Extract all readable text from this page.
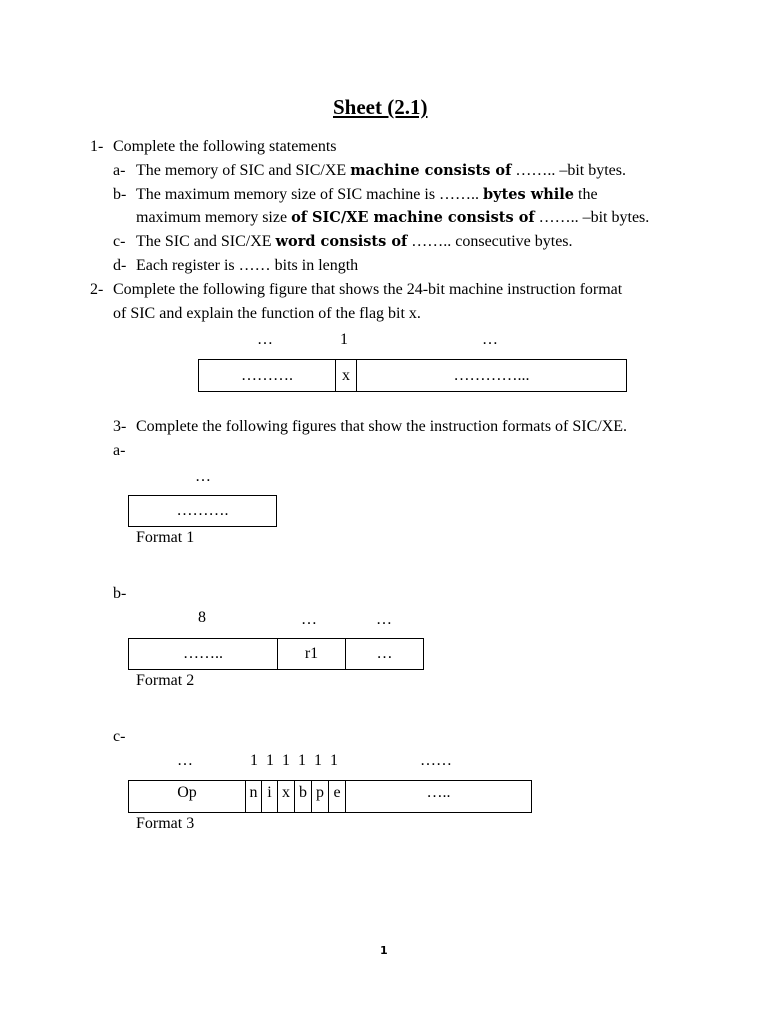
Sheet (2.1)
1- Complete the following statements
a- The memory of SIC and SIC/XE machine consists of …….. –bit bytes.
b- The maximum memory size of SIC machine is …….. bytes while the
maximum memory size of SIC/XE machine consists of …….. –bit bytes.
c- The SIC and SIC/XE word consists of …….. consecutive bytes.
d- Each register is …… bits in length
2- Complete the following figure that shows the 24-bit machine instruction format
of SIC and explain the function of the flag bit x.
…	1	…
……….	x	…………...
3- Complete the following figures that show the instruction formats of SIC/XE.
a-
…
……….
Format 1
b-
8	…	…
……..	r1	…
Format 2
c-
…	1  1  1  1  1  1	……
Op	n i x b p e	…..
Format 3
1
